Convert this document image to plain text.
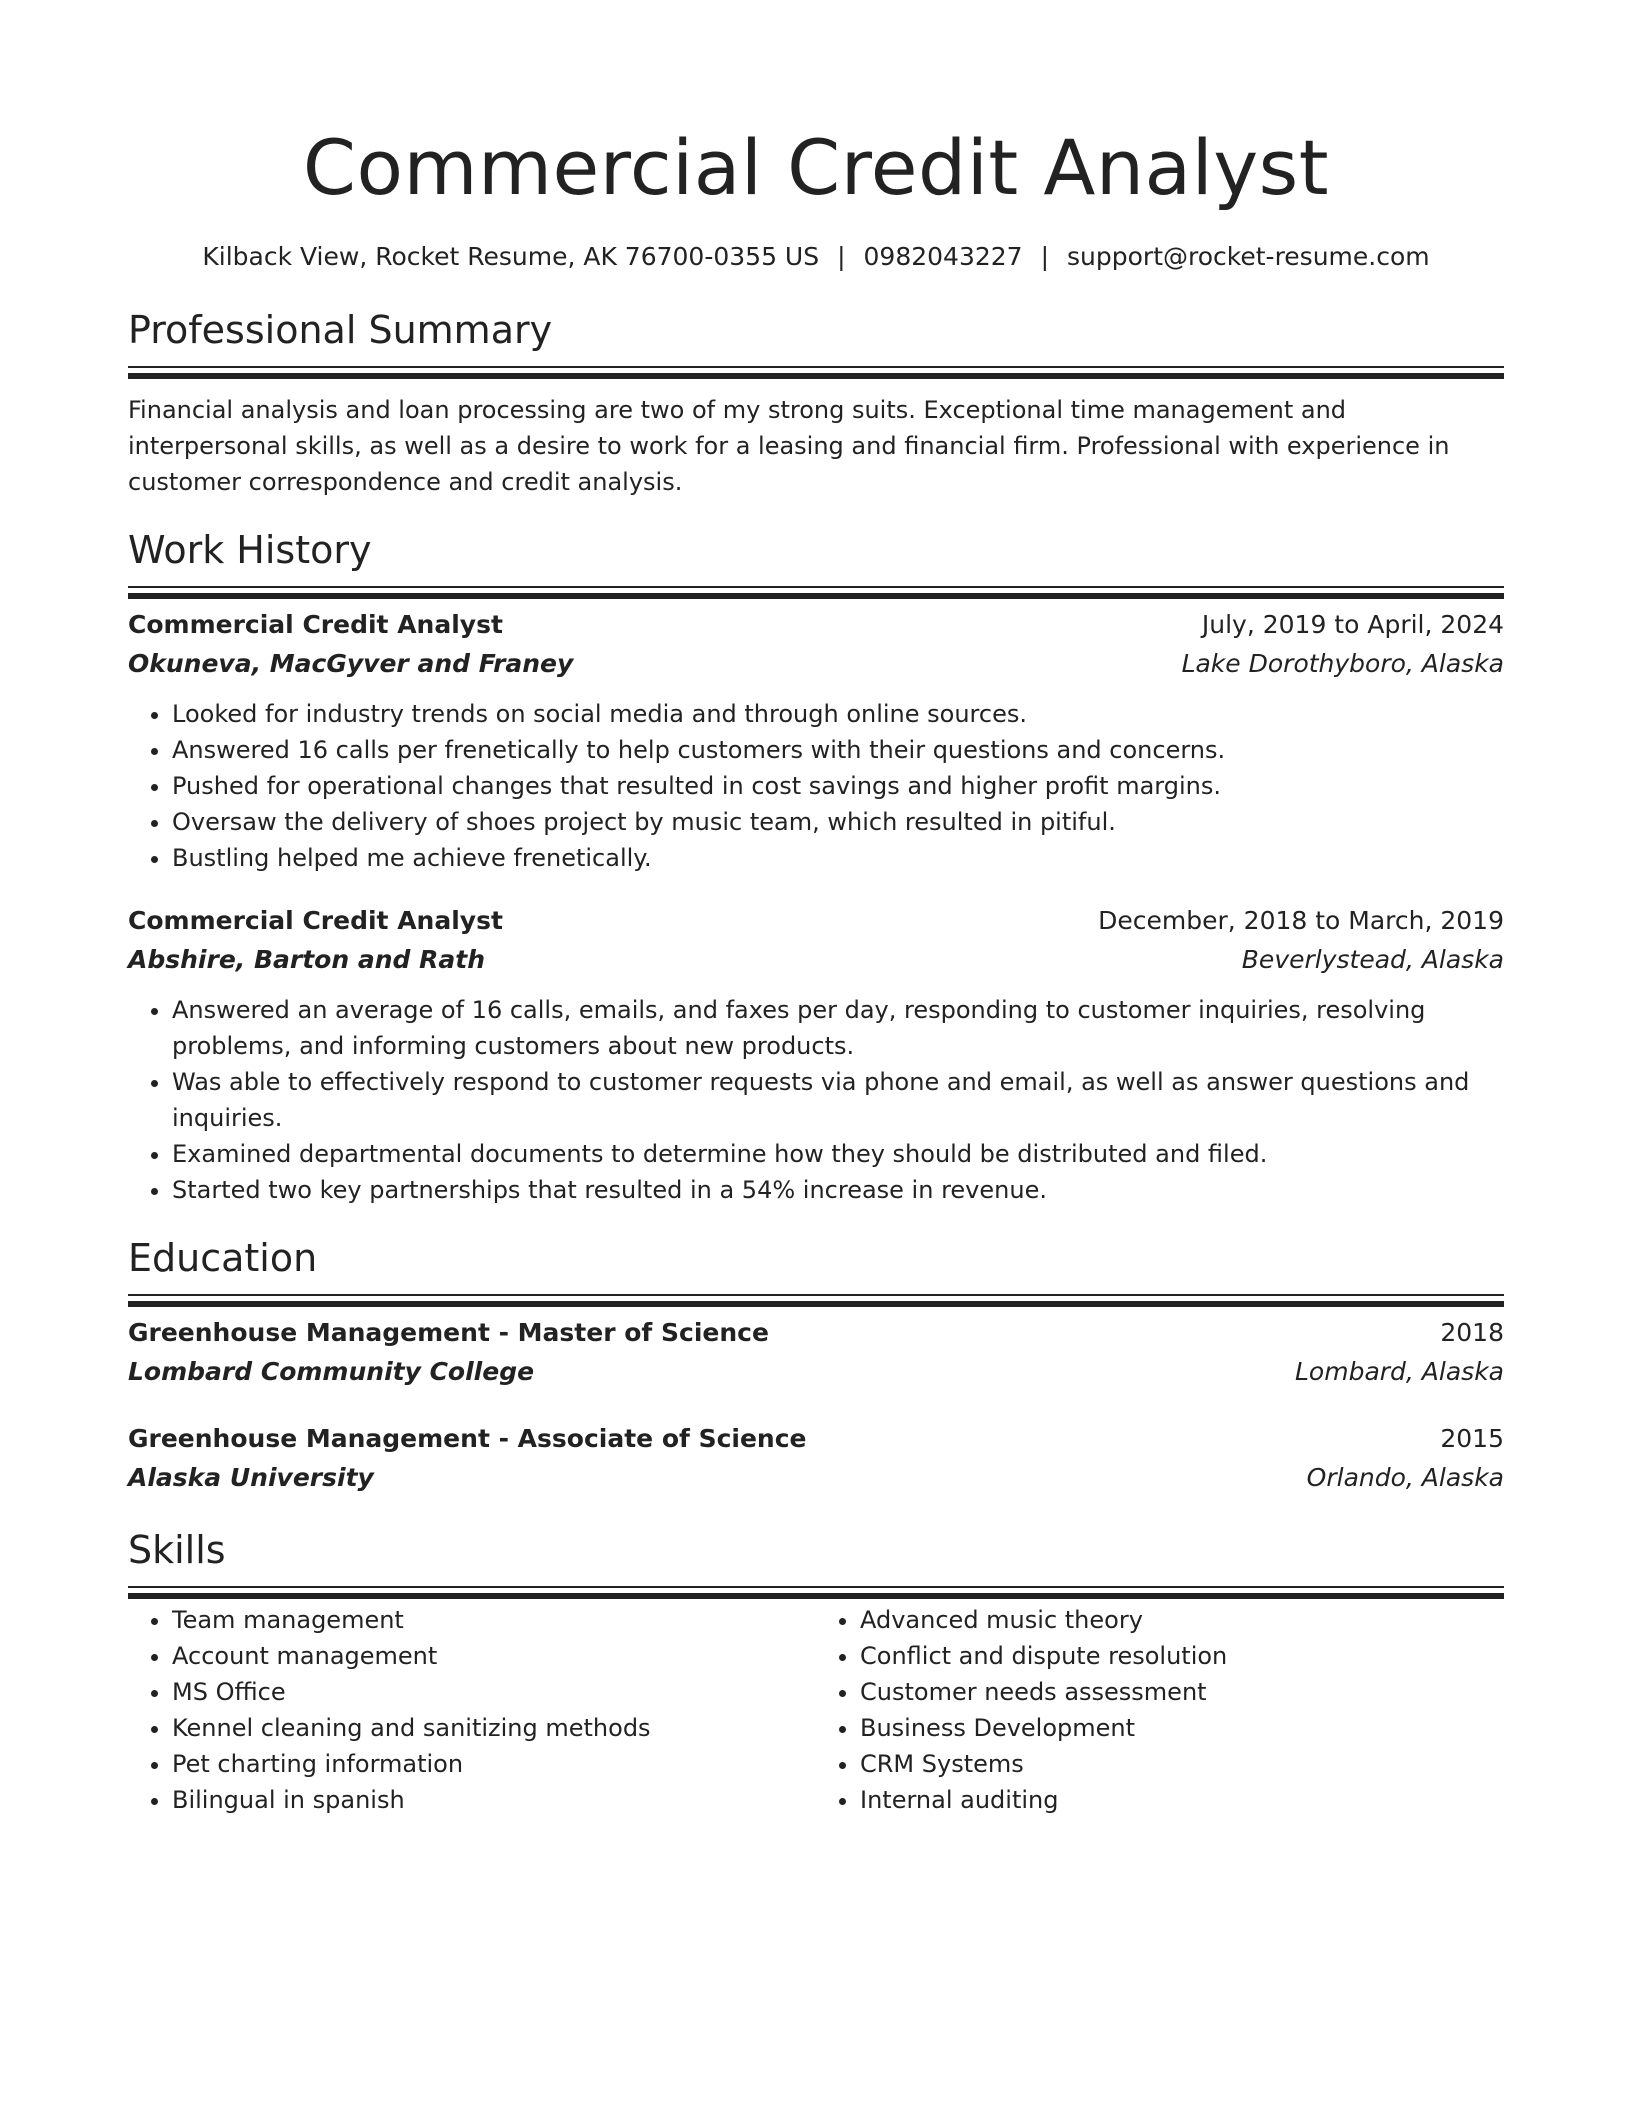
Commercial Credit Analyst
Kilback View, Rocket Resume, AK 76700-0355 US | 0982043227 | support@rocket-resume.com
Professional Summary
Financial analysis and loan processing are two of my strong suits. Exceptional time management and interpersonal skills, as well as a desire to work for a leasing and financial firm. Professional with experience in customer correspondence and credit analysis.
Work History
Commercial Credit Analyst	July, 2019 to April, 2024
Okuneva, MacGyver and Franey	Lake Dorothyboro, Alaska
• Looked for industry trends on social media and through online sources.
• Answered 16 calls per frenetically to help customers with their questions and concerns.
• Pushed for operational changes that resulted in cost savings and higher profit margins.
• Oversaw the delivery of shoes project by music team, which resulted in pitiful.
• Bustling helped me achieve frenetically.
Commercial Credit Analyst	December, 2018 to March, 2019
Abshire, Barton and Rath	Beverlystead, Alaska
• Answered an average of 16 calls, emails, and faxes per day, responding to customer inquiries, resolving problems, and informing customers about new products.
• Was able to effectively respond to customer requests via phone and email, as well as answer questions and inquiries.
• Examined departmental documents to determine how they should be distributed and filed.
• Started two key partnerships that resulted in a 54% increase in revenue.
Education
Greenhouse Management - Master of Science	2018
Lombard Community College	Lombard, Alaska
Greenhouse Management - Associate of Science	2015
Alaska University	Orlando, Alaska
Skills
• Team management
• Account management
• MS Office
• Kennel cleaning and sanitizing methods
• Pet charting information
• Bilingual in spanish
• Advanced music theory
• Conflict and dispute resolution
• Customer needs assessment
• Business Development
• CRM Systems
• Internal auditing
